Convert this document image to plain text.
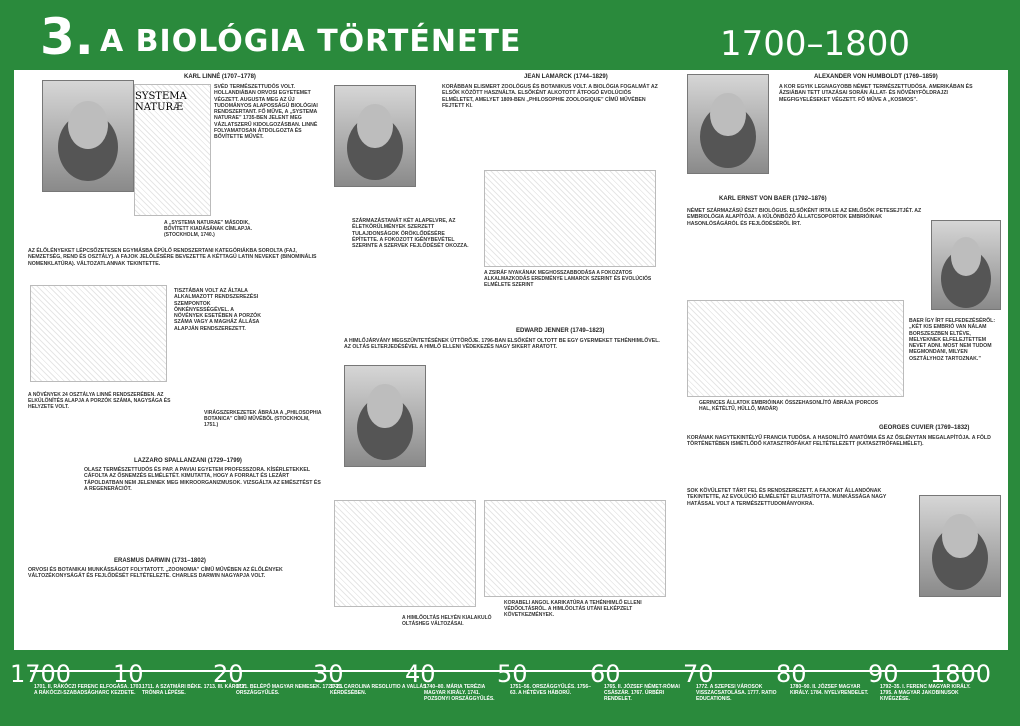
3. A BIOLÓGIA TÖRTÉNETE	1700–1800
KARL LINNÉ (1707–1778)
SYSTEMA NATURÆ
SVÉD TERMÉSZETTUDÓS VOLT. HOLLANDIÁBAN ORVOSI EGYETEMET VÉGZETT. AUGUSTA MEG AZ ÚJ TUDOMÁNYOS ALAPOSSÁGÚ BIOLÓGIAI RENDSZERTANT. FŐ MŰVE, A „SYSTEMA NATURAE” 1735-BEN JELENT MEG VÁZLATSZERŰ KIDOLGOZÁSBAN. LINNÉ FOLYAMATOSAN ÁTDOLGOZTA ÉS BŐVÍTETTE MŰVÉT.
A „SYSTEMA NATURAE” MÁSODIK, BŐVÍTETT KIADÁSÁNAK CÍMLAPJA. (STOCKHOLM, 1740.)
AZ ÉLŐLÉNYEKET LÉPCSŐZETESEN EGYMÁSBA ÉPÜLŐ RENDSZERTANI KATEGÓRIÁKBA SOROLTA (FAJ, NEMZETSÉG, REND ÉS OSZTÁLY). A FAJOK JELÖLÉSÉRE BEVEZETTE A KÉTTAGÚ LATIN NEVEKET (BINOMINÁLIS NOMENKLATÚRA). VÁLTOZATLANNAK TEKINTETTE.
TISZTÁBAN VOLT AZ ÁLTALA ALKALMAZOTT RENDSZEREZÉSI SZEMPONTOK ÖNKÉNYESSÉGÉVEL. A NÖVÉNYEK ESETÉBEN A PORZÓK SZÁMA VAGY A MAGHÁZ ÁLLÁSA ALAPJÁN RENDSZEREZETT.
A NÖVÉNYEK 24 OSZTÁLYA LINNÉ RENDSZERÉBEN. AZ ELKÜLÖNÍTÉS ALAPJA A PORZÓK SZÁMA, NAGYSÁGA ÉS HELYZETE VOLT.
VIRÁGSZERKEZETEK ÁBRÁJA A „PHILOSOPHIA BOTANICA” CÍMŰ MŰVÉBŐL (STOCKHOLM, 1751.)
LAZZARO SPALLANZANI (1729–1799)
OLASZ TERMÉSZETTUDÓS ÉS PAP. A PAVIAI EGYETEM PROFESSZORA. KÍSÉRLETEKKEL CÁFOLTA AZ ŐSNEMZÉS ELMÉLETÉT. KIMUTATTA, HOGY A FORRALT ÉS LEZÁRT TÁPOLDATBAN NEM JELENNEK MEG MIKROORGANIZMUSOK. VIZSGÁLTA AZ EMÉSZTÉST ÉS A REGENERÁCIÓT.
ERASMUS DARWIN (1731–1802)
ORVOSI ÉS BOTANIKAI MUNKÁSSÁGOT FOLYTATOTT. „ZOONOMIA” CÍMŰ MŰVÉBEN AZ ÉLŐLÉNYEK VÁLTOZÉKONYSÁGÁT ÉS FEJLŐDÉSÉT FELTÉTELEZTE. CHARLES DARWIN NAGYAPJA VOLT.
JEAN LAMARCK (1744–1829)
KORÁBBAN ELISMERT ZOOLÓGUS ÉS BOTANIKUS VOLT. A BIOLÓGIA FOGALMÁT AZ ELSŐK KÖZÖTT HASZNÁLTA. ELSŐKÉNT ALKOTOTT ÁTFOGÓ EVOLÚCIÓS ELMÉLETET, AMELYET 1809-BEN „PHILOSOPHIE ZOOLOGIQUE” CÍMŰ MŰVÉBEN FEJTETT KI.
SZÁRMAZÁSTANÁT KÉT ALAPELVRE, AZ ÉLETKÖRÜLMÉNYEK SZERZETT TULAJDONSÁGOK ÖRÖKLŐDÉSÉRE ÉPÍTETTE. A FOKOZOTT IGÉNYBEVÉTEL SZERINTE A SZERVEK FEJLŐDÉSÉT OKOZZA.
A ZSIRÁF NYAKÁNAK MEGHOSSZABBODÁSA A FOKOZATOS ALKALMAZKODÁS EREDMÉNYE LAMARCK SZERINT ÉS EVOLÚCIÓS ELMÉLETE SZERINT
EDWARD JENNER (1749–1823)
A HIMLŐJÁRVÁNY MEGSZŰNTETÉSÉNEK ÚTTÖRŐJE. 1796-BAN ELSŐKÉNT OLTOTT BE EGY GYERMEKET TEHÉNHIMLŐVEL. AZ OLTÁS ELTERJEDÉSÉVEL A HIMLŐ ELLENI VÉDEKEZÉS NAGY SIKERT ARATOTT.
A HIMLŐOLTÁS HELYÉN KIALAKULÓ OLTÁSHEG VÁLTOZÁSAI.
KORABELI ANGOL KARIKATÚRA A TEHÉNHIMLŐ ELLENI VÉDŐOLTÁSRÓL. A HIMLŐOLTÁS UTÁNI ELKÉPZELT KÖVETKEZMÉNYEK.
ALEXANDER VON HUMBOLDT (1769–1859)
A KOR EGYIK LEGNAGYOBB NÉMET TERMÉSZETTUDÓSA. AMERIKÁBAN ÉS ÁZSIÁBAN TETT UTAZÁSAI SORÁN ÁLLAT- ÉS NÖVÉNYFÖLDRAJZI MEGFIGYELÉSEKET VÉGZETT. FŐ MŰVE A „KOSMOS”.
KARL ERNST VON BAER (1792–1876)
NÉMET SZÁRMAZÁSÚ ÉSZT BIOLÓGUS. ELSŐKÉNT IRTA LE AZ EMLŐSÖK PETESEJTJÉT. AZ EMBRIOLÓGIA ALAPÍTÓJA. A KÜLÖNBÖZŐ ÁLLATCSOPORTOK EMBRIÓINAK HASONLÓSÁGÁRÓL ÉS FEJLŐDÉSÉRŐL ÍRT.
GERINCES ÁLLATOK EMBRIÓINAK ÖSSZEHASONLÍTÓ ÁBRÁJA (PORCOS HAL, KÉTÉLTŰ, HÜLLŐ, MADÁR)
BAER ÍGY ÍRT FELFEDEZÉSÉRŐL: „KÉT KIS EMBRIÓ VAN NÁLAM BORSZESZBEN ELTÉVE, MELYEKNEK ELFELEJTETTEM NEVET ADNI. MOST NEM TUDOM MEGMONDANI, MILYEN OSZTÁLYHOZ TARTOZNAK.”
GEORGES CUVIER (1769–1832)
KORÁNAK NAGYTEKINTÉLYŰ FRANCIA TUDÓSA. A HASONLÍTÓ ANATÓMIA ÉS AZ ŐSLÉNYTAN MEGALAPÍTÓJA. A FÖLD TÖRTÉNETÉBEN ISMÉTLŐDŐ KATASZTRÓFÁKAT FELTÉTELEZETT (KATASZTRÓFAELMÉLET).
SOK KÖVÜLETET TÁRT FEL ÉS RENDSZEREZETT. A FAJOKAT ÁLLANDÓNAK TEKINTETTE, AZ EVOLÚCIÓ ELMÉLETÉT ELUTASÍTOTTA. MUNKÁSSÁGA NAGY HATÁSSAL VOLT A TERMÉSZETTUDOMÁNYOKRA.
1700 10	20	30	40	50	60	70	80	90 1800
1701. II. RÁKÓCZI FERENC ELFOGÁSA. 1703. A RÁKÓCZI-SZABADSÁGHARC KEZDETE.
1711. A SZATMÁRI BÉKE. 1713. III. KÁROLY TRÓNRA LÉPÉSE.
1721. BELÉPŐ MAGYAR NEMESEK. 1722–23. ORSZÁGGYŰLÉS.
1731. CAROLINA RESOLUTIO A VALLÁS KÉRDÉSÉBEN.
1740–80. MÁRIA TERÉZIA MAGYAR KIRÁLY. 1741. POZSONYI ORSZÁGGYŰLÉS.
1751–56. ORSZÁGGYŰLÉS. 1756–63. A HÉTÉVES HÁBORÚ.
1765. II. JÓZSEF NÉMET-RÓMAI CSÁSZÁR. 1767. ÚRBÉRI RENDELET.
1772. A SZEPESI VÁROSOK VISSZACSATOLÁSA. 1777. RATIO EDUCATIONIS.
1780–90. II. JÓZSEF MAGYAR KIRÁLY. 1784. NYELVRENDELET.
1792–35. I. FERENC MAGYAR KIRÁLY. 1795. A MAGYAR JAKOBINUSOK KIVÉGZÉSE.
